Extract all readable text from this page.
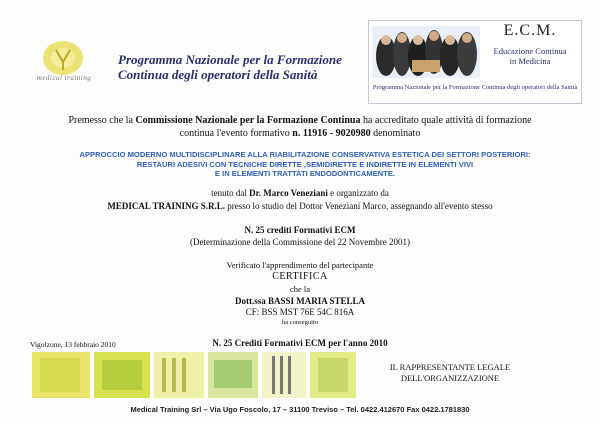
medical training
Programma Nazionale per la Formazione
Continua degli operatori della Sanità
E.C.M.
Educazione Continua
in Medicina
Programma Nazionale per la Formazione Continua degli operatori della Sanità
Premesso che la Commissione Nazionale per la Formazione Continua ha accreditato quale attività di formazione
continua l'evento formativo n. 11916 - 9020980 denominato
APPROCCIO MODERNO MULTIDISCIPLINARE ALLA RIABILITAZIONE CONSERVATIVA ESTETICA DEI SETTORI POSTERIORI:
RESTAURI ADESIVI CON TECNICHE DIRETTE ,SEMIDIRETTE E INDIRETTE IN ELEMENTI VIVI
E IN ELEMENTI TRATTATI ENDODONTICAMENTE.
tenuto dal Dr. Marco Veneziani e organizzato da
MEDICAL TRAINING S.R.L. presso lo studio del Dottor Veneziani Marco, assegnando all'evento stesso
N. 25 crediti Formativi ECM
(Determinazione della Commissione del 22 Novembre 2001)
Verificato l'apprendimento del partecipante
CERTIFICA
che la
Dott.ssa BASSI MARIA STELLA
CF: BSS MST 76E 54C 816A
ha conseguito
Vigolzone, 13 febbraio 2010	N. 25 Crediti Formativi ECM per l'anno 2010
IL RAPPRESENTANTE LEGALE
DELL'ORGANIZZAZIONE
Medical Training Srl – Via Ugo Foscolo, 17 – 31100 Treviso – Tel. 0422.412670 Fax 0422.1781830
